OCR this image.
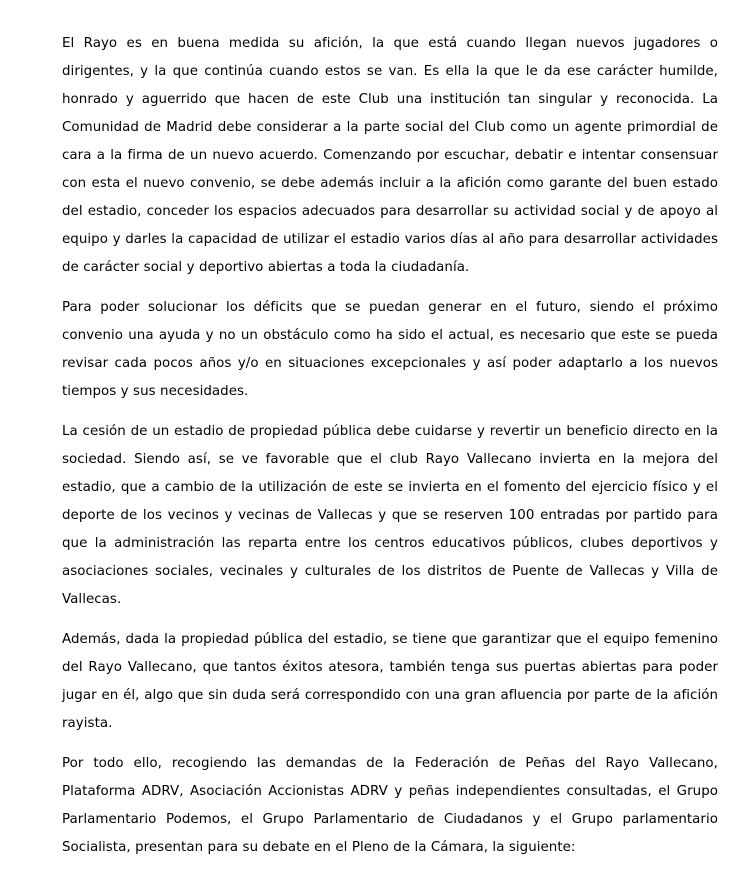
El Rayo es en buena medida su afición, la que está cuando llegan nuevos jugadores o dirigentes, y la que continúa cuando estos se van. Es ella la que le da ese carácter humilde, honrado y aguerrido que hacen de este Club una institución tan singular y reconocida. La Comunidad de Madrid debe considerar a la parte social del Club como un agente primordial de cara a la firma de un nuevo acuerdo. Comenzando por escuchar, debatir e intentar consensuar con esta el nuevo convenio, se debe además incluir a la afición como garante del buen estado del estadio, conceder los espacios adecuados para desarrollar su actividad social y de apoyo al equipo y darles la capacidad de utilizar el estadio varios días al año para desarrollar actividades de carácter social y deportivo abiertas a toda la ciudadanía.

Para poder solucionar los déficits que se puedan generar en el futuro, siendo el próximo convenio una ayuda y no un obstáculo como ha sido el actual, es necesario que este se pueda revisar cada pocos años y/o en situaciones excepcionales y así poder adaptarlo a los nuevos tiempos y sus necesidades.

La cesión de un estadio de propiedad pública debe cuidarse y revertir un beneficio directo en la sociedad. Siendo así, se ve favorable que el club Rayo Vallecano invierta en la mejora del estadio, que a cambio de la utilización de este se invierta en el fomento del ejercicio físico y el deporte de los vecinos y vecinas de Vallecas y que se reserven 100 entradas por partido para que la administración las reparta entre los centros educativos públicos, clubes deportivos y asociaciones sociales, vecinales y culturales de los distritos de Puente de Vallecas y Villa de Vallecas.

Además, dada la propiedad pública del estadio, se tiene que garantizar que el equipo femenino del Rayo Vallecano, que tantos éxitos atesora, también tenga sus puertas abiertas para poder jugar en él, algo que sin duda será correspondido con una gran afluencia por parte de la afición rayista.

Por todo ello, recogiendo las demandas de la Federación de Peñas del Rayo Vallecano, Plataforma ADRV, Asociación Accionistas ADRV y peñas independientes consultadas, el Grupo Parlamentario Podemos, el Grupo Parlamentario de Ciudadanos y el Grupo parlamentario Socialista, presentan para su debate en el Pleno de la Cámara, la siguiente:
